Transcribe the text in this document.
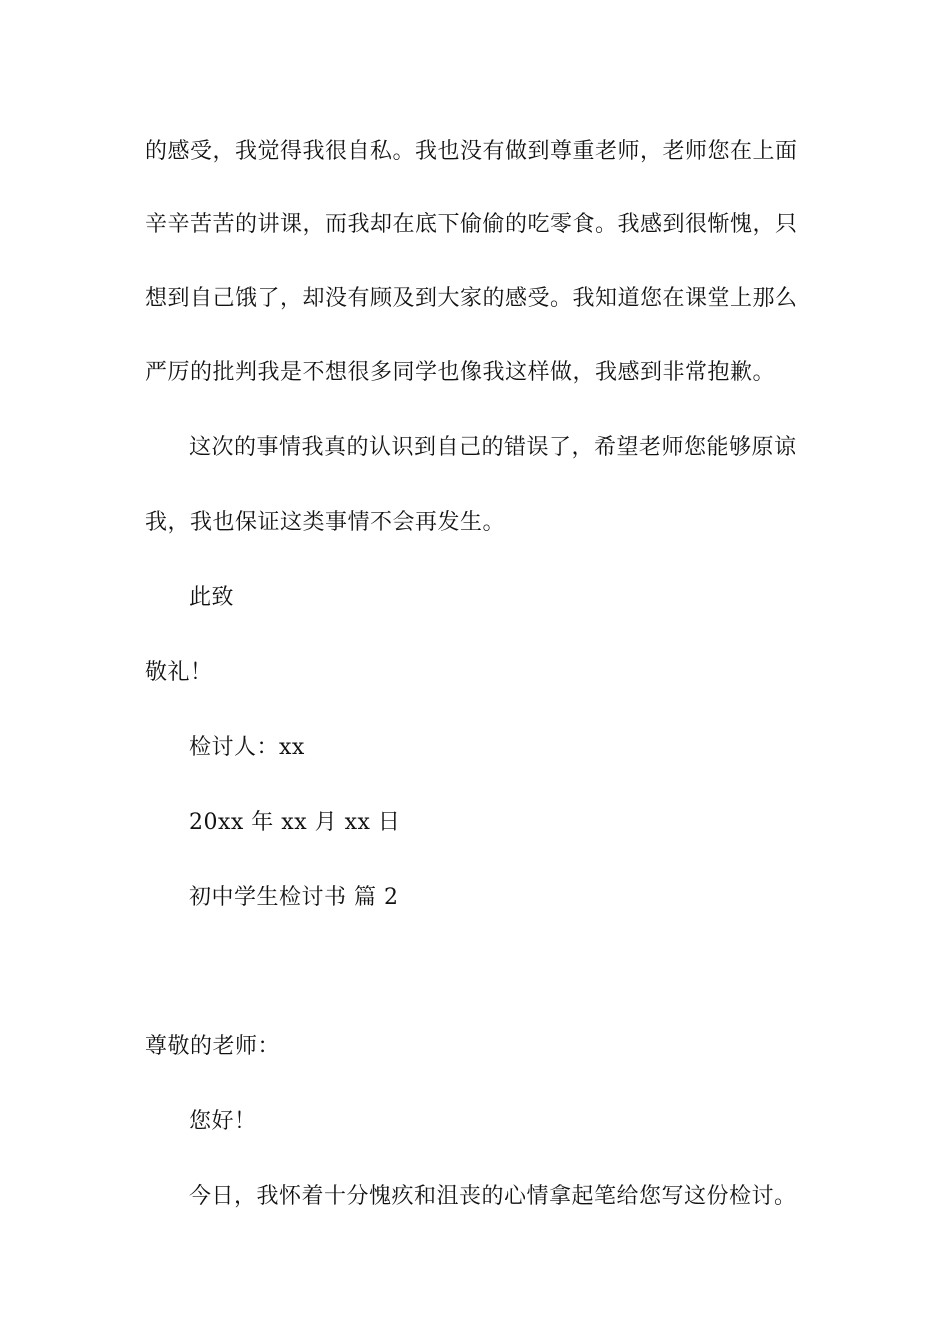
的感受，我觉得我很自私。我也没有做到尊重老师，老师您在上面
辛辛苦苦的讲课，而我却在底下偷偷的吃零食。我感到很惭愧，只
想到自己饿了，却没有顾及到大家的感受。我知道您在课堂上那么
严厉的批判我是不想很多同学也像我这样做，我感到非常抱歉。
这次的事情我真的认识到自己的错误了，希望老师您能够原谅
我，我也保证这类事情不会再发生。
此致
敬礼！
检讨人：xx
20xx 年 xx 月 xx 日
初中学生检讨书 篇 2
尊敬的老师：
您好！
今日，我怀着十分愧疚和沮丧的心情拿起笔给您写这份检讨。
